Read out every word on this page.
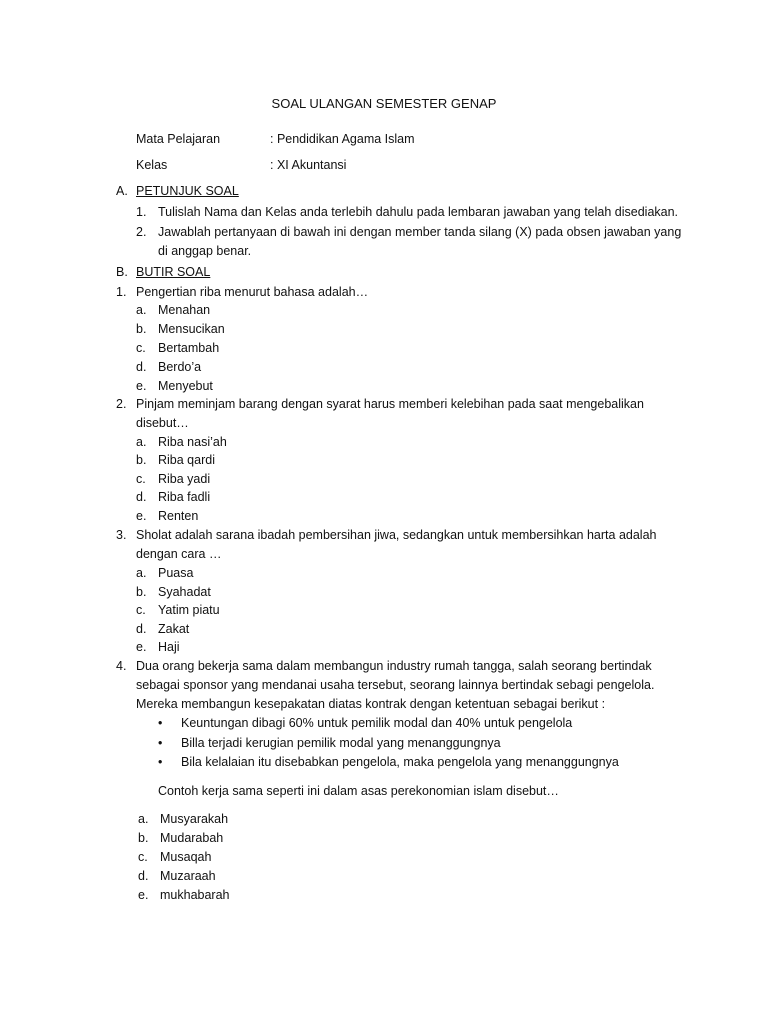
SOAL ULANGAN SEMESTER GENAP
Mata Pelajaran	: Pendidikan Agama Islam
Kelas	: XI Akuntansi
A. PETUNJUK SOAL
1. Tulislah Nama dan Kelas anda terlebih dahulu pada lembaran jawaban yang telah disediakan.
2. Jawablah pertanyaan di bawah ini dengan member tanda silang (X) pada obsen jawaban yang
di anggap benar.
B. BUTIR SOAL
1. Pengertian riba menurut bahasa adalah…
a. Menahan
b. Mensucikan
c. Bertambah
d. Berdo’a
e. Menyebut
2. Pinjam meminjam barang dengan syarat harus memberi kelebihan pada saat mengebalikan
disebut…
a. Riba nasi’ah
b. Riba qardi
c. Riba yadi
d. Riba fadli
e. Renten
3. Sholat adalah sarana ibadah pembersihan jiwa, sedangkan untuk membersihkan harta adalah
dengan cara …
a. Puasa
b. Syahadat
c. Yatim piatu
d. Zakat
e. Haji
4. Dua orang bekerja sama dalam membangun industry rumah tangga, salah seorang bertindak
sebagai sponsor yang mendanai usaha tersebut, seorang lainnya bertindak sebagi pengelola.
Mereka membangun kesepakatan diatas kontrak dengan ketentuan sebagai berikut :
• Keuntungan dibagi 60% untuk pemilik modal dan 40% untuk pengelola
• Billa terjadi kerugian pemilik modal yang menanggungnya
• Bila kelalaian itu disebabkan pengelola, maka pengelola yang menanggungnya
Contoh kerja sama seperti ini dalam asas perekonomian islam disebut…
a. Musyarakah
b. Mudarabah
c. Musaqah
d. Muzaraah
e. mukhabarah
